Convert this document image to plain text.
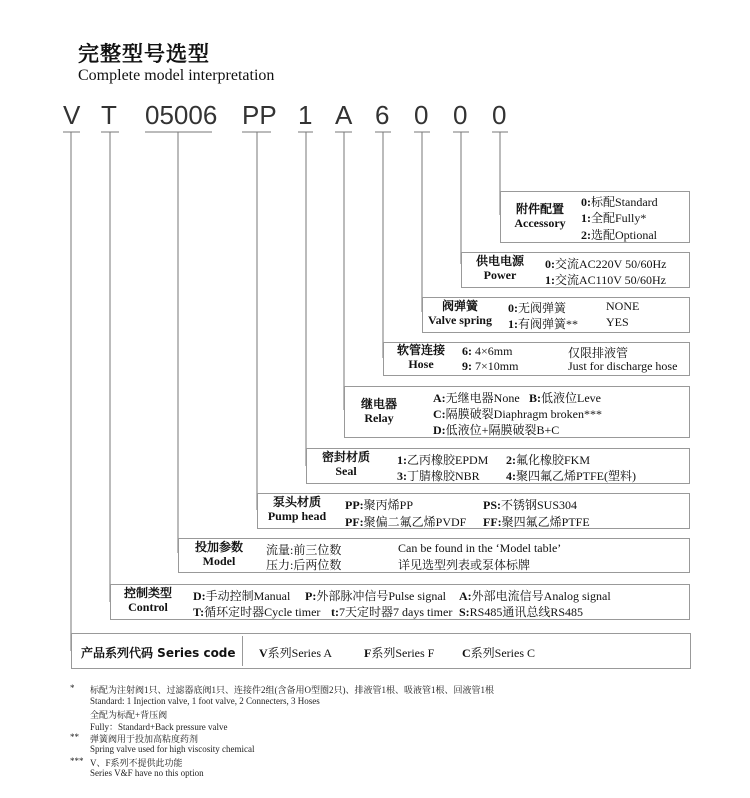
完整型号选型
Complete model interpretation
V T 05006 PP 1 A 6 0 0 0
附件配置
Accessory
0:标配Standard
1:全配Fully*
2:选配Optional
供电电源
Power
0:交流AC220V 50/60Hz
1:交流AC110V 50/60Hz
阀弹簧
Valve spring
0:无阀弹簧	NONE
1:有阀弹簧** YES
软管连接
Hose
6: 4×6mm	仅限排液管
9: 7×10mm	Just for discharge hose
继电器
Relay
A:无继电器None B:低液位Leve
C:隔膜破裂Diaphragm broken***
D:低液位+隔膜破裂B+C
密封材质
Seal
1:乙丙橡胶EPDM 2:氟化橡胶FKM
3:丁腈橡胶NBR 4:聚四氟乙烯PTFE(塑料)
泵头材质
Pump head
PP:聚丙烯PP	PS:不锈钢SUS304
PF:聚偏二氟乙烯PVDF FF:聚四氟乙烯PTFE
投加参数
Model
流量:前三位数
压力:后两位数
Can be found in the ‘Model table’
详见选型列表或泵体标牌
控制类型
Control
D:手动控制Manual P:外部脉冲信号Pulse signal A:外部电流信号Analog signal
T:循环定时器Cycle timer t:7天定时器7 days timer S:RS485通讯总线RS485
产品系列代码 Series code V系列Series A	F系列Series F C系列Series C
* 标配为注射阀1只、过滤器底阀1只、连接件2组(含备用O型圈2只)、排液管1根、吸液管1根、回液管1根
Standard: 1 Injection valve, 1 foot valve, 2 Connecters, 3 Hoses
全配为标配+背压阀
Fully：Standard+Back pressure valve
** 弹簧阀用于投加高粘度药剂
Spring valve used for high viscosity chemical
*** V、F系列不提供此功能
Series V&F have no this option
